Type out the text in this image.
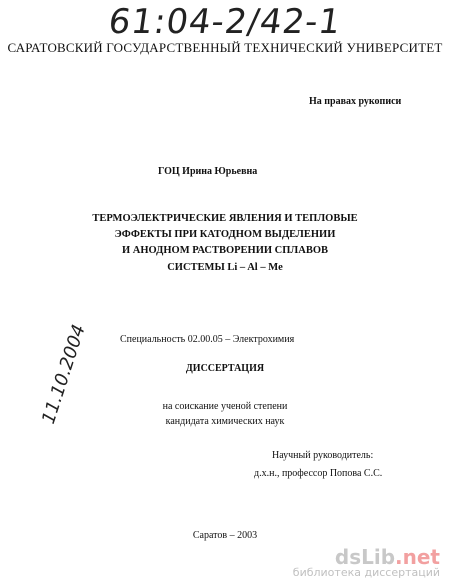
61:04-2/42-1
САРАТОВСКИЙ ГОСУДАРСТВЕННЫЙ ТЕХНИЧЕСКИЙ УНИВЕРСИТЕТ
На правах рукописи
ГОЦ Ирина Юрьевна
ТЕРМОЭЛЕКТРИЧЕСКИЕ ЯВЛЕНИЯ И ТЕПЛОВЫЕ
ЭФФЕКТЫ ПРИ КАТОДНОМ ВЫДЕЛЕНИИ
И АНОДНОМ РАСТВОРЕНИИ СПЛАВОВ
СИСТЕМЫ Li – Al – Me
Специальность 02.00.05 – Электрохимия
ДИССЕРТАЦИЯ
11.10.2004	на соискание ученой степени
кандидата химических наук
Научный руководитель:
д.х.н., профессор Попова С.С.
Саратов – 2003
dsLib.net
библиотека диссертаций
